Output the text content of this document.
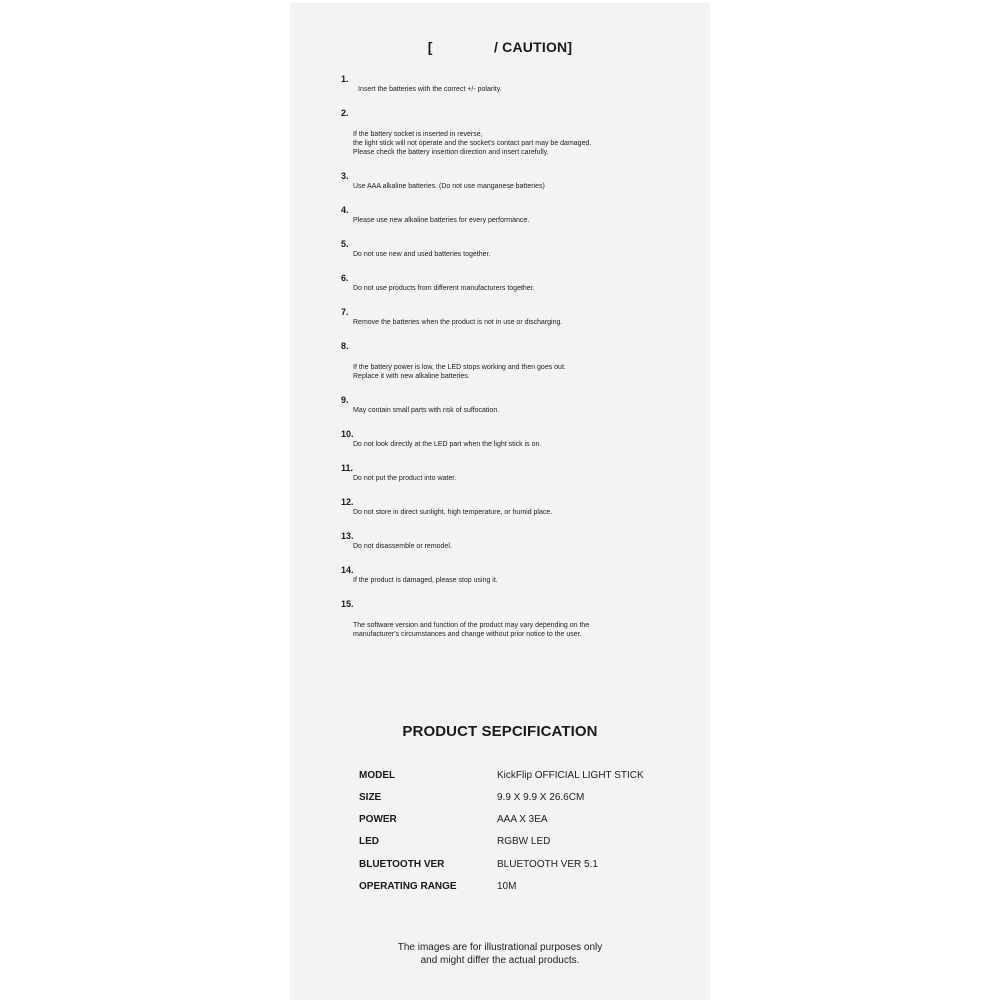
[               / CAUTION]
1.
Insert the batteries with the correct +/- polarity.
2.
If the battery socket is inserted in reverse,
the light stick will not operate and the socket's contact part may be damaged.
Please check the battery insertion direction and insert carefully.
3.
Use AAA alkaline batteries. (Do not use manganese batteries)
4.
Please use new alkaline batteries for every performance.
5.
Do not use new and used batteries together.
6.
Do not use products from different manufacturers together.
7.
Remove the batteries when the product is not in use or discharging.
8.
If the battery power is low, the LED stops working and then goes out.
Replace it with new alkaline batteries.
9.
May contain small parts with risk of suffocation.
10.
Do not look directly at the LED part when the light stick is on.
11.
Do not put the product into water.
12.
Do not store in direct sunlight, high temperature, or humid place.
13.
Do not disassemble or remodel.
14.
If the product is damaged, please stop using it.
15.
The software version and function of the product may vary depending on the
manufacturer's circumstances and change without prior notice to the user.
PRODUCT SEPCIFICATION
MODEL	KickFlip OFFICIAL LIGHT STICK
SIZE	9.9 X 9.9 X 26.6CM
POWER	AAA X 3EA
LED	RGBW LED
BLUETOOTH VER	BLUETOOTH VER 5.1
OPERATING RANGE	10M
The images are for illustrational purposes only
and might differ the actual products.
